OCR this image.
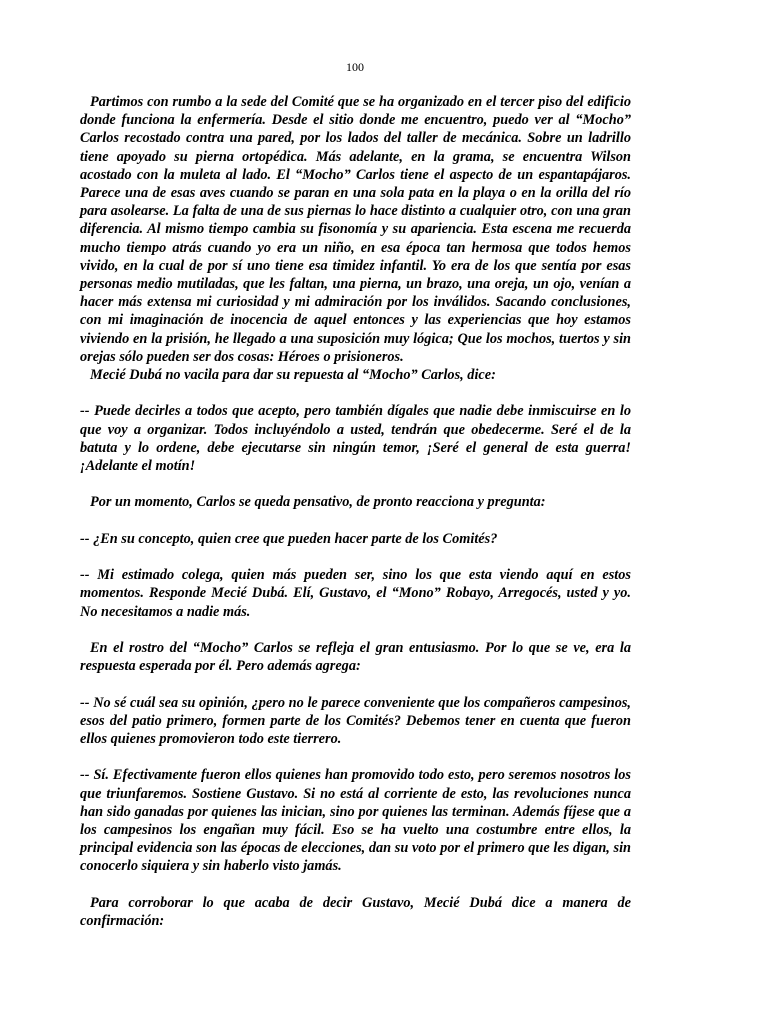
100

Partimos con rumbo a la sede del Comité que se ha organizado en el tercer piso del edificio donde funciona la enfermería. Desde el sitio donde me encuentro, puedo ver al “Mocho” Carlos recostado contra una pared, por los lados del taller de mecánica. Sobre un ladrillo tiene apoyado su pierna ortopédica. Más adelante, en la grama, se encuentra Wilson acostado con la muleta al lado. El “Mocho” Carlos tiene el aspecto de un espantapájaros. Parece una de esas aves cuando se paran en una sola pata en la playa o en la orilla del río para asolearse. La falta de una de sus piernas lo hace distinto a cualquier otro, con una gran diferencia. Al mismo tiempo cambia su fisonomía y su apariencia. Esta escena me recuerda mucho tiempo atrás cuando yo era un niño, en esa época tan hermosa que todos hemos vivido, en la cual de por sí uno tiene esa timidez infantil. Yo era de los que sentía por esas personas medio mutiladas, que les faltan, una pierna, un brazo, una oreja, un ojo, venían a hacer más extensa mi curiosidad y mi admiración por los inválidos. Sacando conclusiones, con mi imaginación de inocencia de aquel entonces y las experiencias que hoy estamos viviendo en la prisión, he llegado a una suposición muy lógica; Que los mochos, tuertos y sin orejas sólo pueden ser dos cosas: Héroes o prisioneros.

Mecié Dubá no vacila para dar su repuesta al “Mocho” Carlos, dice:

-- Puede decirles a todos que acepto, pero también dígales que nadie debe inmiscuirse en lo que voy a organizar. Todos incluyéndolo a usted, tendrán que obedecerme. Seré el de la batuta y lo ordene, debe ejecutarse sin ningún temor, ¡Seré el general de esta guerra! ¡Adelante el motín!

Por un momento, Carlos se queda pensativo, de pronto reacciona y pregunta:

-- ¿En su concepto, quien cree que pueden hacer parte de los Comités?

-- Mi estimado colega, quien más pueden ser, sino los que esta viendo aquí en estos momentos. Responde Mecié Dubá. Elí, Gustavo, el “Mono” Robayo, Arregocés, usted y yo. No necesitamos a nadie más.

En el rostro del “Mocho” Carlos se refleja el gran entusiasmo. Por lo que se ve, era la respuesta esperada por él. Pero además agrega:

-- No sé cuál sea su opinión, ¿pero no le parece conveniente que los compañeros campesinos, esos del patio primero, formen parte de los Comités? Debemos tener en cuenta que fueron ellos quienes promovieron todo este tierrero.

-- Sí. Efectivamente fueron ellos quienes han promovido todo esto, pero seremos nosotros los que triunfaremos. Sostiene Gustavo. Si no está al corriente de esto, las revoluciones nunca han sido ganadas por quienes las inician, sino por quienes las terminan. Además fíjese que a los campesinos los engañan muy fácil. Eso se ha vuelto una costumbre entre ellos, la principal evidencia son las épocas de elecciones, dan su voto por el primero que les digan, sin conocerlo siquiera y sin haberlo visto jamás.

Para corroborar lo que acaba de decir Gustavo, Mecié Dubá dice a manera de confirmación:
